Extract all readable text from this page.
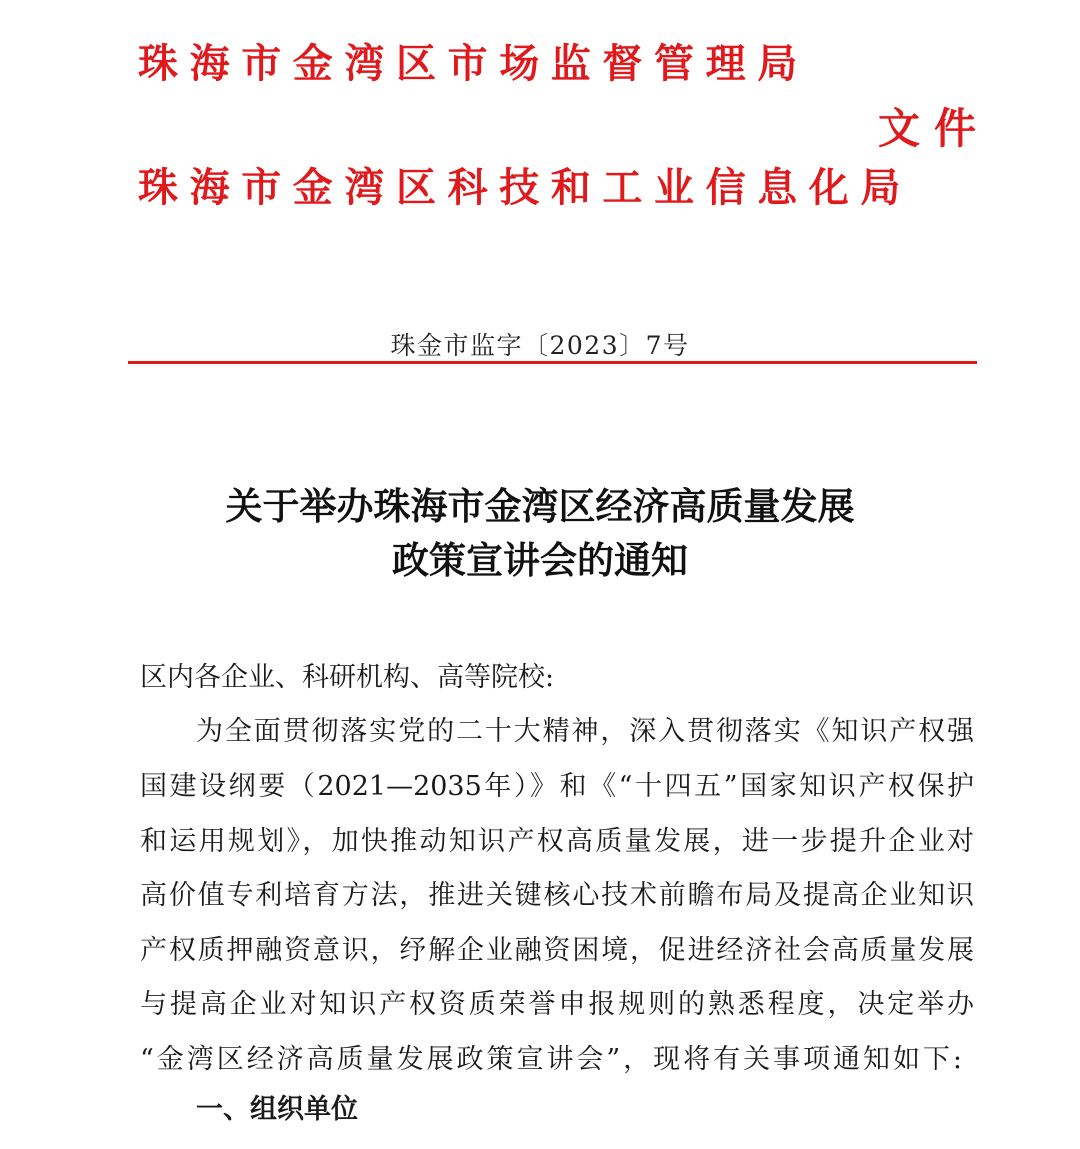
珠海市金湾区市场监督管理局
文件
珠海市金湾区科技和工业信息化局
珠金市监字〔2023〕7号
关于举办珠海市金湾区经济高质量发展
政策宣讲会的通知
区内各企业、科研机构、高等院校:
为全面贯彻落实党的二十大精神，深入贯彻落实《知识产权强
国建设纲要（2021—2035年）》和《“十四五”国家知识产权保护
和运用规划》，加快推动知识产权高质量发展，进一步提升企业对
高价值专利培育方法，推进关键核心技术前瞻布局及提高企业知识
产权质押融资意识，纾解企业融资困境，促进经济社会高质量发展
与提高企业对知识产权资质荣誉申报规则的熟悉程度，决定举办
“金湾区经济高质量发展政策宣讲会”，现将有关事项通知如下:
一、组织单位
